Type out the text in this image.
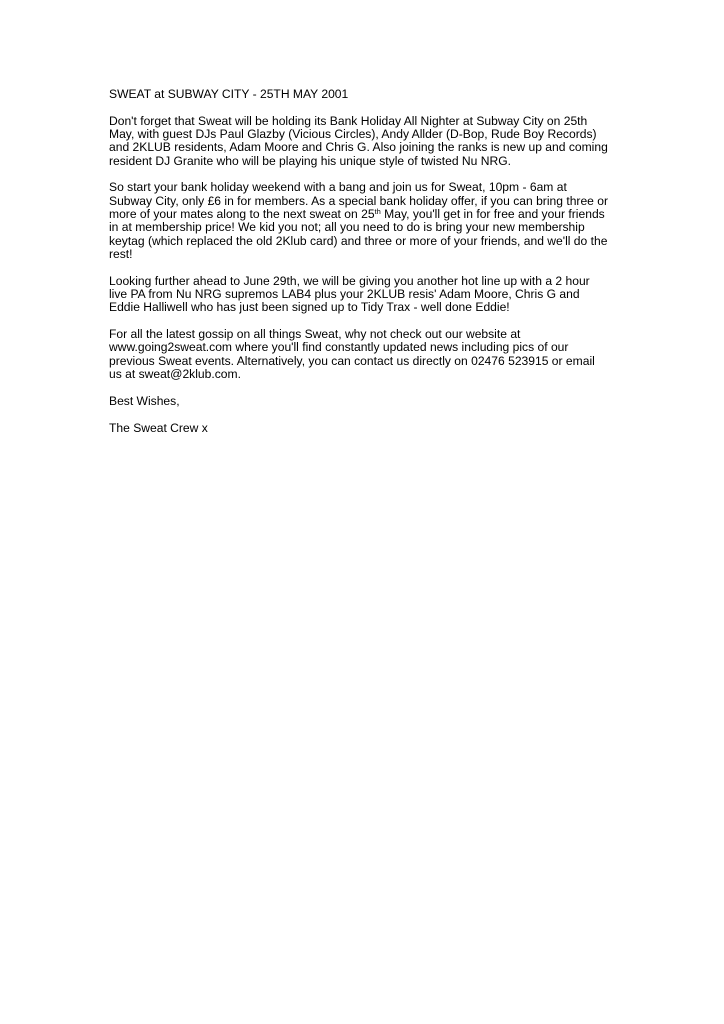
SWEAT at SUBWAY CITY - 25TH MAY 2001
Don't forget that Sweat will be holding its Bank Holiday All Nighter at Subway City on 25th
May, with guest DJs Paul Glazby (Vicious Circles), Andy Allder (D-Bop, Rude Boy Records)
and 2KLUB residents, Adam Moore and Chris G. Also joining the ranks is new up and coming
resident DJ Granite who will be playing his unique style of twisted Nu NRG.
So start your bank holiday weekend with a bang and join us for Sweat, 10pm - 6am at
Subway City, only £6 in for members. As a special bank holiday offer, if you can bring three or
more of your mates along to the next sweat on 25th May, you'll get in for free and your friends
in at membership price! We kid you not; all you need to do is bring your new membership
keytag (which replaced the old 2Klub card) and three or more of your friends, and we'll do the
rest!
Looking further ahead to June 29th, we will be giving you another hot line up with a 2 hour
live PA from Nu NRG supremos LAB4 plus your 2KLUB resis' Adam Moore, Chris G and
Eddie Halliwell who has just been signed up to Tidy Trax - well done Eddie!
For all the latest gossip on all things Sweat, why not check out our website at
www.going2sweat.com where you'll find constantly updated news including pics of our
previous Sweat events. Alternatively, you can contact us directly on 02476 523915 or email
us at sweat@2klub.com.
Best Wishes,
The Sweat Crew x
